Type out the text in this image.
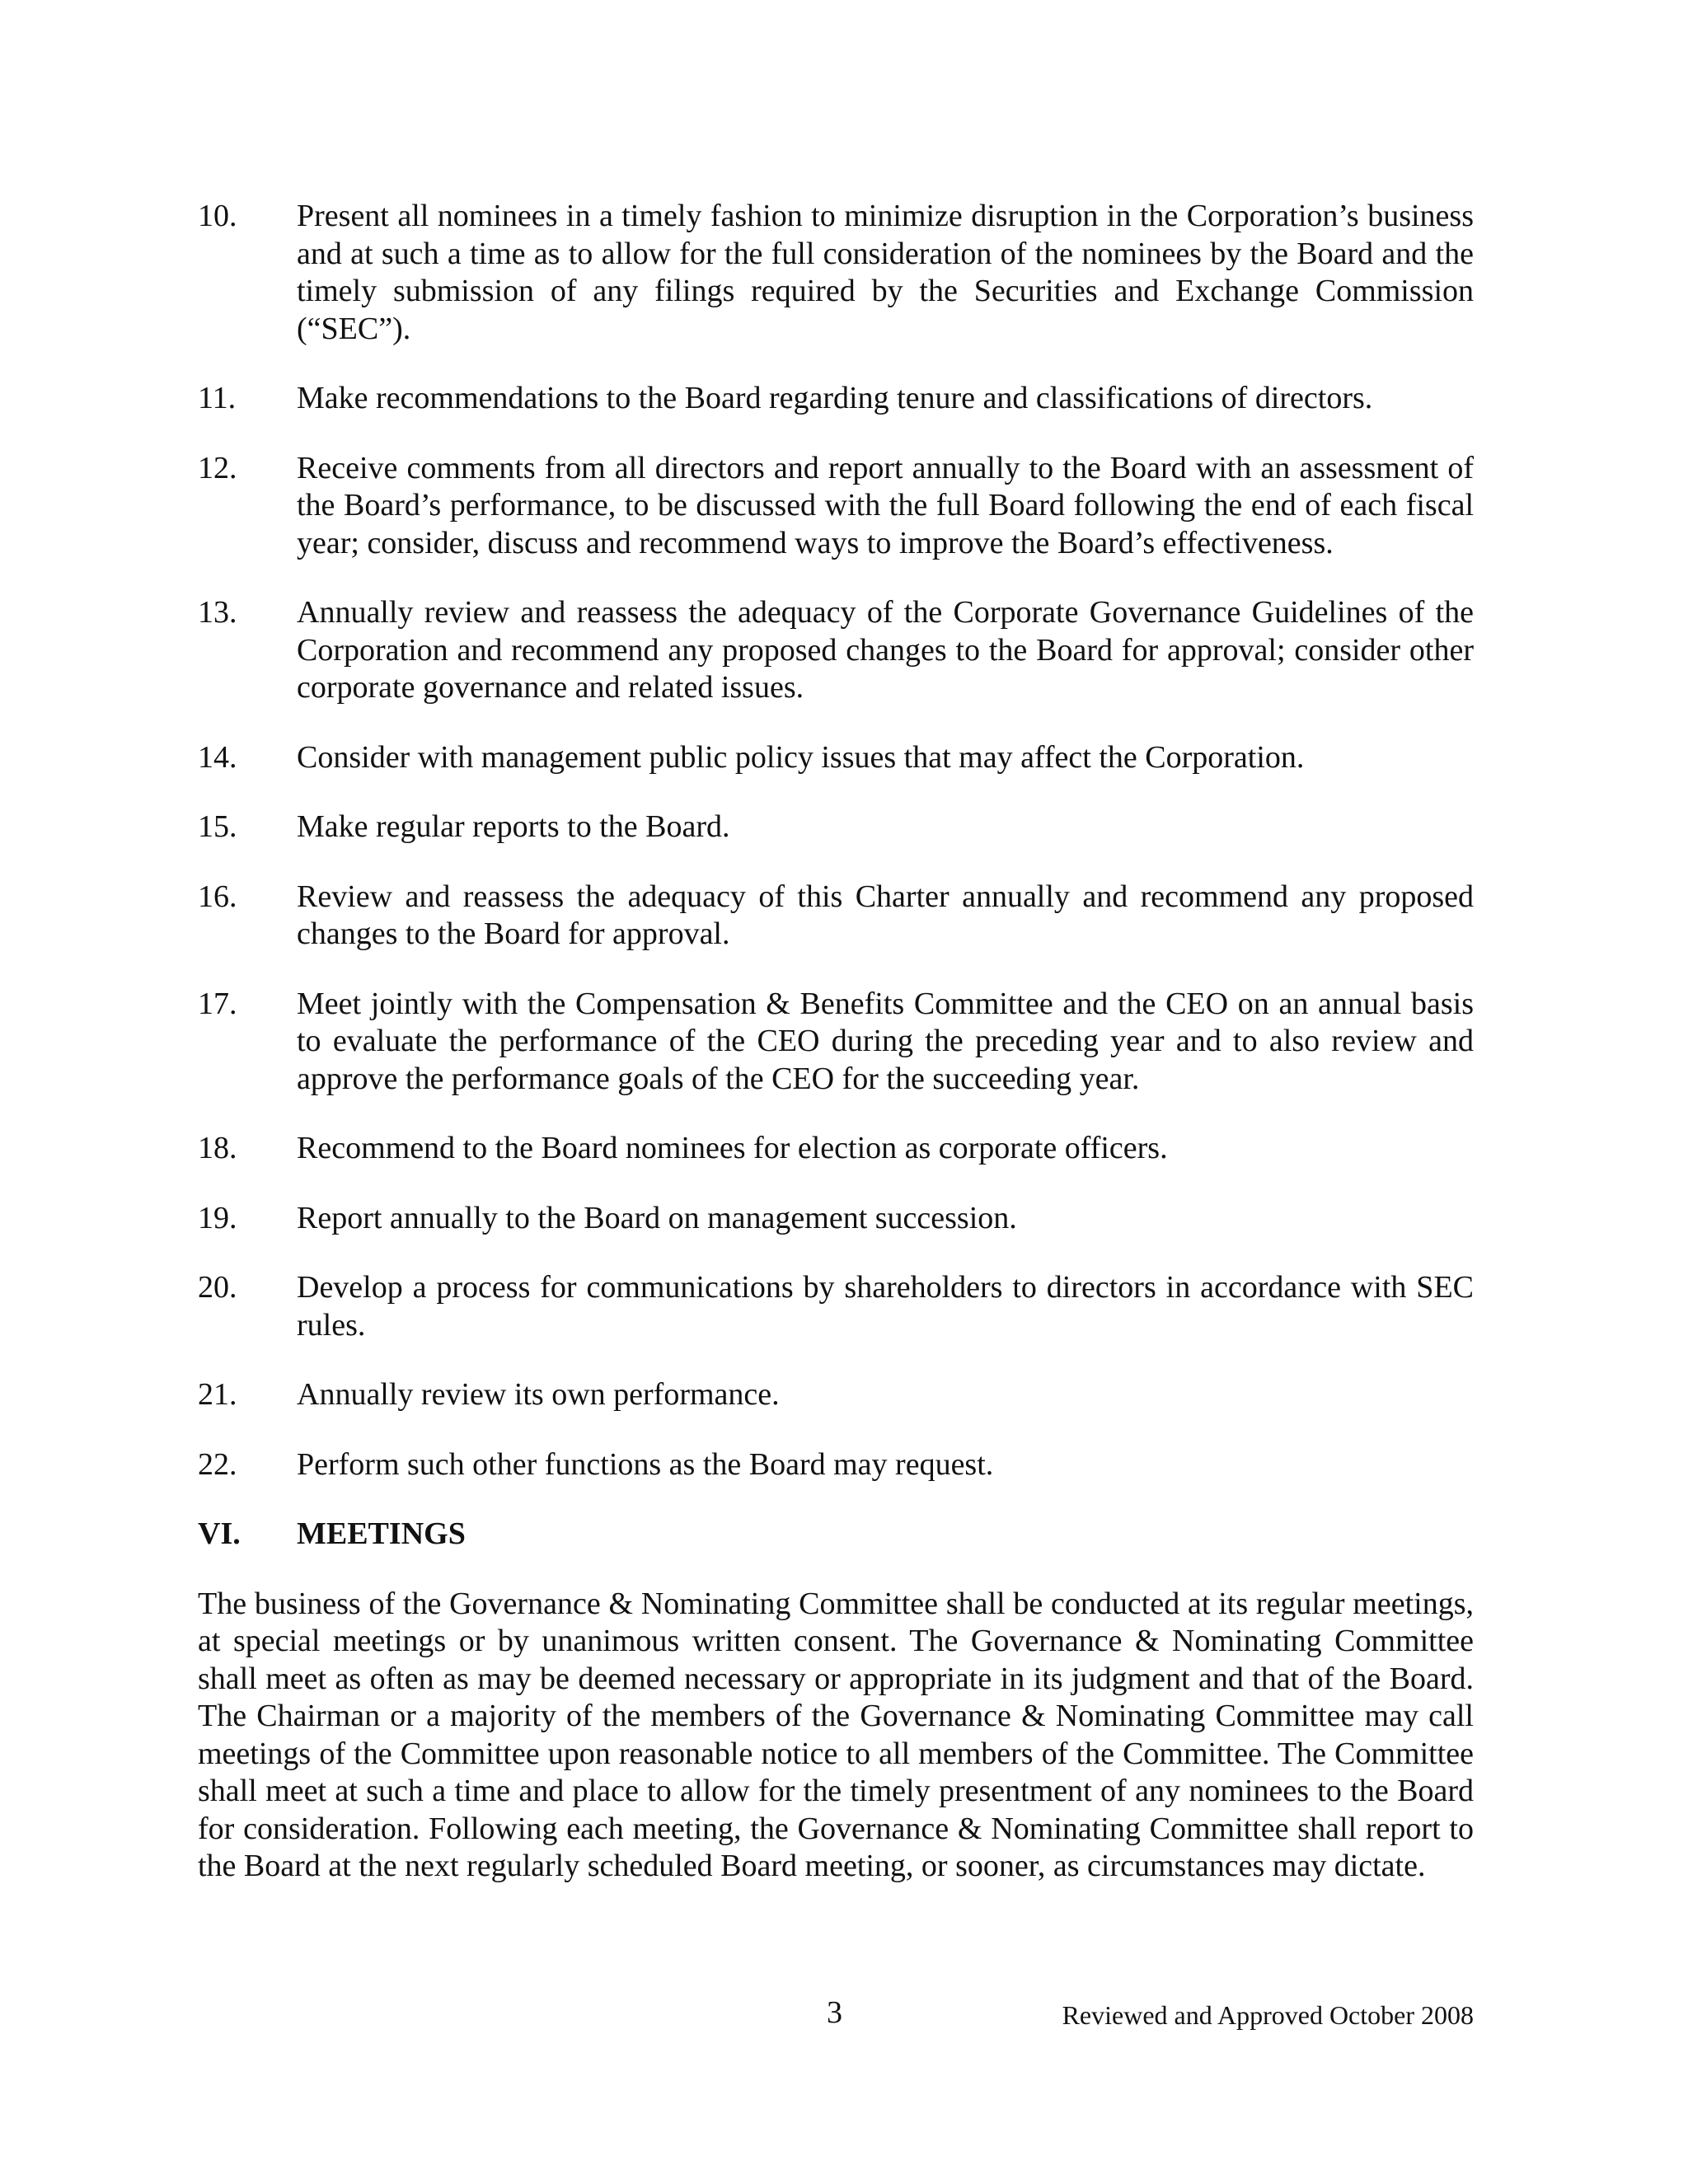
10. Present all nominees in a timely fashion to minimize disruption in the Corporation’s business and at such a time as to allow for the full consideration of the nominees by the Board and the timely submission of any filings required by the Securities and Exchange Commission (“SEC”).
11. Make recommendations to the Board regarding tenure and classifications of directors.
12. Receive comments from all directors and report annually to the Board with an assessment of the Board’s performance, to be discussed with the full Board following the end of each fiscal year; consider, discuss and recommend ways to improve the Board’s effectiveness.
13. Annually review and reassess the adequacy of the Corporate Governance Guidelines of the Corporation and recommend any proposed changes to the Board for approval; consider other corporate governance and related issues.
14. Consider with management public policy issues that may affect the Corporation.
15. Make regular reports to the Board.
16. Review and reassess the adequacy of this Charter annually and recommend any proposed changes to the Board for approval.
17. Meet jointly with the Compensation & Benefits Committee and the CEO on an annual basis to evaluate the performance of the CEO during the preceding year and to also review and approve the performance goals of the CEO for the succeeding year.
18. Recommend to the Board nominees for election as corporate officers.
19. Report annually to the Board on management succession.
20. Develop a process for communications by shareholders to directors in accordance with SEC rules.
21. Annually review its own performance.
22. Perform such other functions as the Board may request.
VI. MEETINGS

The business of the Governance & Nominating Committee shall be conducted at its regular meetings, at special meetings or by unanimous written consent. The Governance & Nominating Committee shall meet as often as may be deemed necessary or appropriate in its judgment and that of the Board. The Chairman or a majority of the members of the Governance & Nominating Committee may call meetings of the Committee upon reasonable notice to all members of the Committee. The Committee shall meet at such a time and place to allow for the timely presentment of any nominees to the Board for consideration. Following each meeting, the Governance & Nominating Committee shall report to the Board at the next regularly scheduled Board meeting, or sooner, as circumstances may dictate.

3	Reviewed and Approved October 2008
